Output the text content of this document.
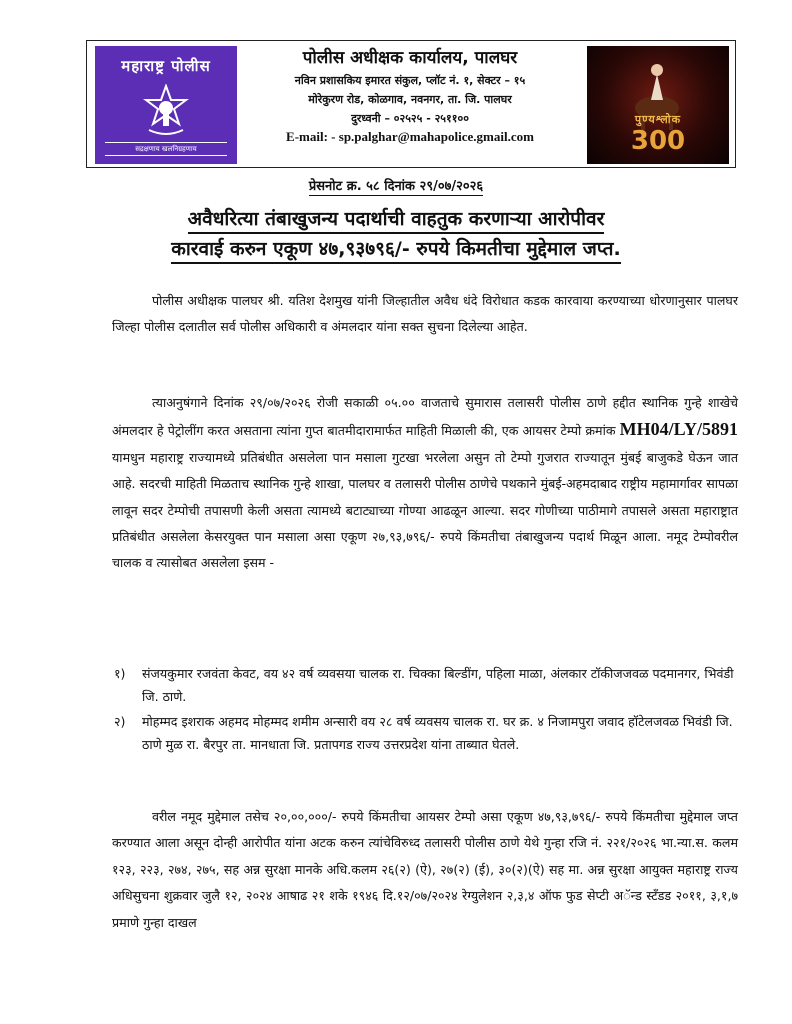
महाराष्ट्र पोलीस
सद्रक्षणाय खलनिग्रहणाय
पोलीस अधीक्षक कार्यालय, पालघर
नविन प्रशासकिय इमारत संकुल, प्लॉट नं. १, सेक्टर – १५
मोरेकुरण रोड, कोळगाव, नवनगर, ता. जि. पालघर
दुरध्वनी – ०२५२५ - २५११००
E-mail: - sp.palghar@mahapolice.gmail.com
पुण्यश्लोक
300
प्रेसनोट क्र. ५८ दिनांक २९/०७/२०२६
अवैधरित्या तंबाखुजन्य पदार्थाची वाहतुक करणाऱ्या आरोपीवर
कारवाई करुन एकूण ४७,९३७९६/- रुपये किमतीचा मुद्देमाल जप्त.
पोलीस अधीक्षक पालघर श्री. यतिश देशमुख यांनी जिल्हातील अवैध धंदे विरोधात कडक कारवाया करण्याच्या धोरणानुसार पालघर जिल्हा पोलीस दलातील सर्व पोलीस अधिकारी व अंमलदार यांना सक्त सुचना दिलेल्या आहेत.
त्याअनुषंगाने दिनांक २९/०७/२०२६ रोजी सकाळी ०५.०० वाजताचे सुमारास तलासरी पोलीस ठाणे हद्दीत स्थानिक गुन्हे शाखेचे अंमलदार हे पेट्रोलींग करत असताना त्यांना गुप्त बातमीदारामार्फत माहिती मिळाली की, एक आयसर टेम्पो क्रमांक MH04/LY/5891 यामधुन महाराष्ट्र राज्यामध्ये प्रतिबंधीत असलेला पान मसाला गुटखा भरलेला असुन तो टेम्पो गुजरात राज्यातून मुंबई बाजुकडे घेऊन जात आहे. सदरची माहिती मिळताच स्थानिक गुन्हे शाखा, पालघर व तलासरी पोलीस ठाणेचे पथकाने मुंबई-अहमदाबाद राष्ट्रीय महामार्गावर सापळा लावून सदर टेम्पोची तपासणी केली असता त्यामध्ये बटाट्याच्या गोण्या आढळून आल्या. सदर गोणीच्या पाठीमागे तपासले असता महाराष्ट्रात प्रतिबंधीत असलेला केसरयुक्त पान मसाला असा एकूण २७,९३,७९६/- रुपये किंमतीचा तंबाखुजन्य पदार्थ मिळून आला. नमूद टेम्पोवरील चालक व त्यासोबत असलेला इसम -
१) संजयकुमार रजवंता केवट, वय ४२ वर्ष व्यवसया चालक रा. चिक्का बिल्डींग, पहिला माळा, अंलकार टॉकीजजवळ पदमानगर, भिवंडी जि. ठाणे.
२) मोहम्मद इशराक अहमद मोहम्मद शमीम अन्सारी वय २८ वर्ष व्यवसय चालक रा. घर क्र. ४ निजामपुरा जवाद हॉटेलजवळ भिवंडी जि. ठाणे मुळ रा. बैरपुर ता. मानधाता जि. प्रतापगड राज्य उत्तरप्रदेश यांना ताब्यात घेतले.
वरील नमूद मुद्देमाल तसेच २०,००,०००/- रुपये किंमतीचा आयसर टेम्पो असा एकूण ४७,९३,७९६/- रुपये किंमतीचा मुद्देमाल जप्त करण्यात आला असून दोन्ही आरोपीत यांना अटक करुन त्यांचेविरुध्द तलासरी पोलीस ठाणे येथे गुन्हा रजि नं. २२१/२०२६ भा.न्या.स. कलम १२३, २२३, २७४, २७५, सह अन्न सुरक्षा मानके अधि.कलम २६(२) (ऐ), २७(२) (ई), ३०(२)(ऐ) सह मा. अन्न सुरक्षा आयुक्त महाराष्ट्र राज्य अधिसुचना शुक्रवार जुलै १२, २०२४ आषाढ २१ शके १९४६ दि.१२/०७/२०२४ रेग्युलेशन २,३,४ ऑफ फुड सेप्टी अॅन्ड स्टॅंडड २०११, ३,१,७ प्रमाणे गुन्हा दाखल
